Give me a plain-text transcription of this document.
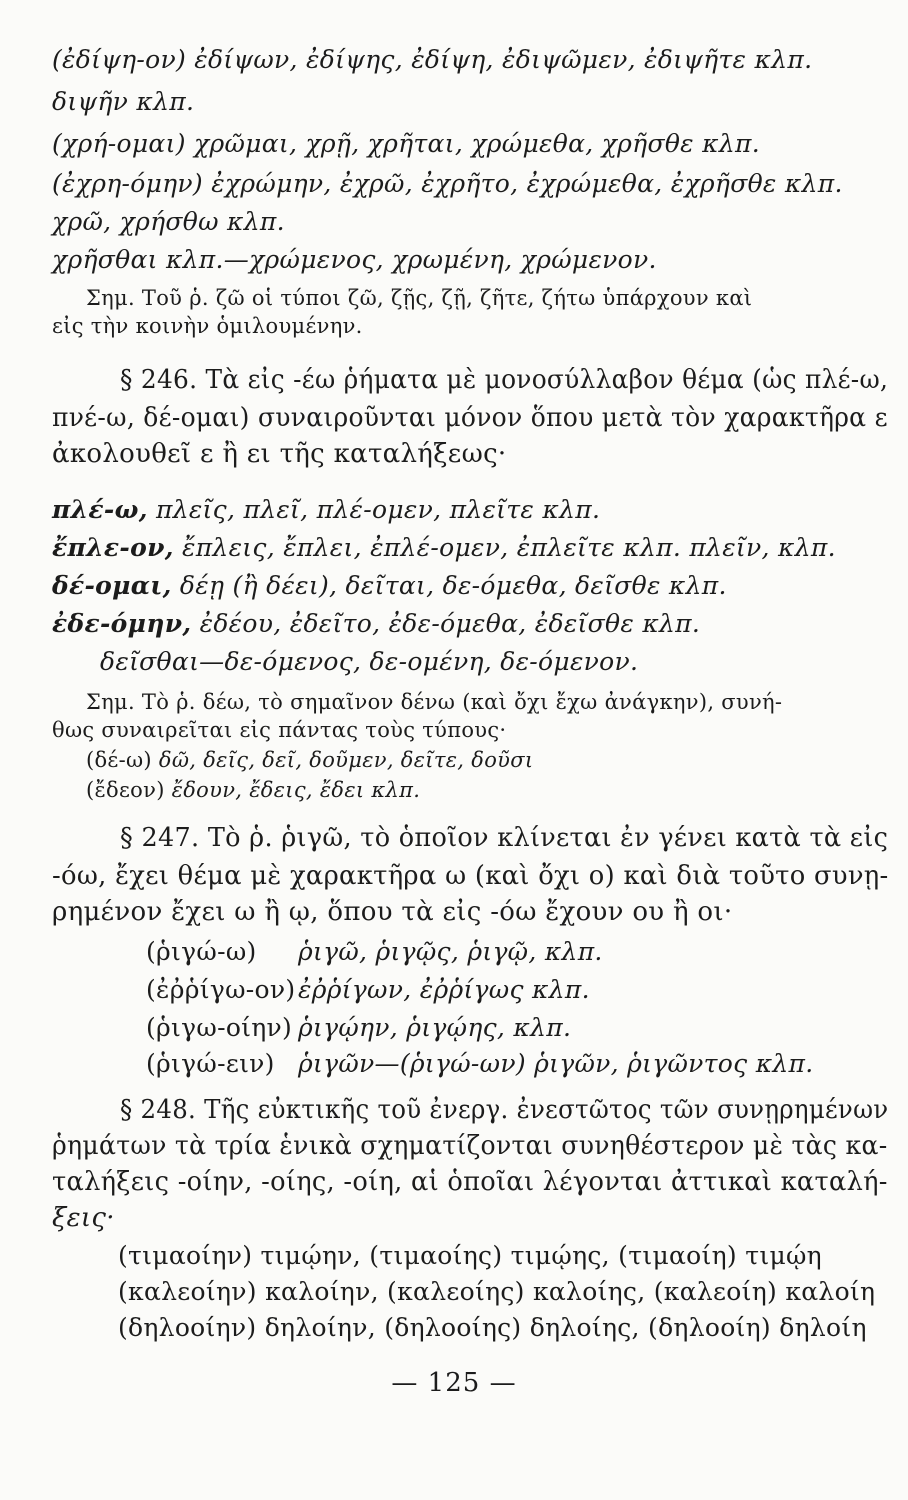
(ἐδίψη-ον) ἐδίψων, ἐδίψης, ἐδίψη, ἐδιψῶμεν, ἐδιψῆτε κλπ.
διψῆν κλπ.
(χρή-ομαι) χρῶμαι, χρῇ, χρῆται, χρώμεθα, χρῆσθε κλπ.
(ἐχρη-όμην) ἐχρώμην, ἐχρῶ, ἐχρῆτο, ἐχρώμεθα, ἐχρῆσθε κλπ.
χρῶ, χρήσθω κλπ.
χρῆσθαι κλπ.—χρώμενος, χρωμένη, χρώμενον.
Σημ. Τοῦ ῥ. ζῶ οἱ τύποι ζῶ, ζῇς, ζῇ, ζῆτε, ζήτω ὑπάρχουν καὶ
εἰς τὴν κοινὴν ὁμιλουμένην.
§ 246. Τὰ εἰς -έω ῥήματα μὲ μονοσύλλαβον θέμα (ὡς πλέ-ω,
πνέ-ω, δέ-ομαι) συναιροῦνται μόνον ὅπου μετὰ τὸν χαρακτῆρα ε
ἀκολουθεῖ ε ἢ ει τῆς καταλήξεως·
πλέ-ω, πλεῖς, πλεῖ, πλέ-ομεν, πλεῖτε κλπ.
ἔπλε-ον, ἔπλεις, ἔπλει, ἐπλέ-ομεν, ἐπλεῖτε κλπ. πλεῖν, κλπ.
δέ-ομαι, δέῃ (ἢ δέει), δεῖται, δε-όμεθα, δεῖσθε κλπ.
ἐδε-όμην, ἐδέου, ἐδεῖτο, ἐδε-όμεθα, ἐδεῖσθε κλπ.
δεῖσθαι—δε-όμενος, δε-ομένη, δε-όμενον.
Σημ. Τὸ ῥ. δέω, τὸ σημαῖνον δένω (καὶ ὄχι ἔχω ἀνάγκην), συνή-
θως συναιρεῖται εἰς πάντας τοὺς τύπους·
(δέ-ω) δῶ, δεῖς, δεῖ, δοῦμεν, δεῖτε, δοῦσι
(ἔδεον) ἔδουν, ἔδεις, ἔδει κλπ.
§ 247. Τὸ ῥ. ῥιγῶ, τὸ ὁποῖον κλίνεται ἐν γένει κατὰ τὰ εἰς
-όω, ἔχει θέμα μὲ χαρακτῆρα ω (καὶ ὄχι ο) καὶ διὰ τοῦτο συνῃ-
ρημένον ἔχει ω ἢ ῳ, ὅπου τὰ εἰς -όω ἔχουν ου ἢ οι·
(ῥιγώ-ω) ῥιγῶ, ῥιγῷς, ῥιγῷ, κλπ.
(ἐῤῥίγω-ον) ἐῤῥίγων, ἐῤῥίγως κλπ.
(ῥιγω-οίην) ῥιγῴην, ῥιγῴης, κλπ.
(ῥιγώ-ειν) ῥιγῶν—(ῥιγώ-ων) ῥιγῶν, ῥιγῶντος κλπ.
§ 248. Τῆς εὐκτικῆς τοῦ ἐνεργ. ἐνεστῶτος τῶν συνῃρημένων
ῥημάτων τὰ τρία ἑνικὰ σχηματίζονται συνηθέστερον μὲ τὰς κα-
ταλήξεις -οίην, -οίης, -οίη, αἱ ὁποῖαι λέγονται ἀττικαὶ καταλή-
ξεις·
(τιμαοίην) τιμῴην, (τιμαοίης) τιμῴης, (τιμαοίη) τιμῴη
(καλεοίην) καλοίην, (καλεοίης) καλοίης, (καλεοίη) καλοίη
(δηλοοίην) δηλοίην, (δηλοοίης) δηλοίης, (δηλοοίη) δηλοίη
— 125 —
